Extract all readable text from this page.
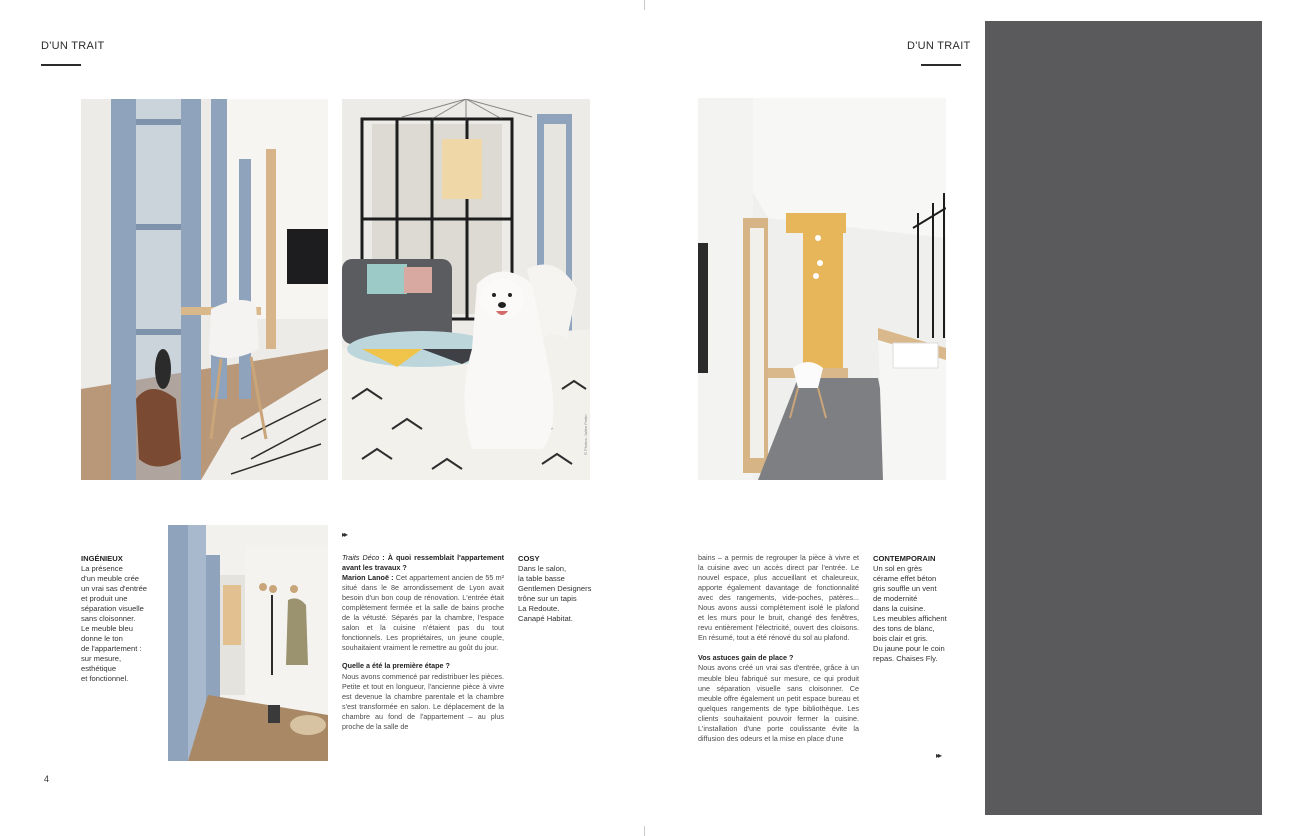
D'UN TRAIT	D'UN TRAIT
© Photos: Julien Fertin
INGÉNIEUX
La présence
d'un meuble crée
un vrai sas d'entrée
et produit une
séparation visuelle
sans cloisonner.
Le meuble bleu
donne le ton
de l'appartement :
sur mesure,
esthétique
et fonctionnel.
▸▸

Traits Déco : À quoi ressemblait l'appartement avant les travaux ?

Marion Lanoë : Cet appartement ancien de 55 m² situé dans le 8e arrondissement de Lyon avait besoin d'un bon coup de rénovation. L'entrée était complètement fermée et la salle de bains proche de la vétusté. Séparés par la chambre, l'espace salon et la cuisine n'étaient pas du tout fonctionnels. Les propriétaires, un jeune couple, souhaitaient vraiment le remettre au goût du jour.

Quelle a été la première étape ?

Nous avons commencé par redistribuer les pièces. Petite et tout en longueur, l'ancienne pièce à vivre est devenue la chambre parentale et la chambre s'est transformée en salon. Le déplacement de la chambre au fond de l'appartement – au plus proche de la salle de

COSY
Dans le salon,
la table basse
Gentlemen Designers
trône sur un tapis
La Redoute.
Canapé Habitat.

bains – a permis de regrouper la pièce à vivre et la cuisine avec un accès direct par l'entrée. Le nouvel espace, plus accueillant et chaleureux, apporte également davantage de fonctionnalité avec des rangements, vide-poches, patères... Nous avons aussi complètement isolé le plafond et les murs pour le bruit, changé des fenêtres, revu entièrement l'électricité, ouvert des cloisons. En résumé, tout a été rénové du sol au plafond.

Vos astuces gain de place ?

Nous avons créé un vrai sas d'entrée, grâce à un meuble bleu fabriqué sur mesure, ce qui produit une séparation visuelle sans cloisonner. Ce meuble offre également un petit espace bureau et quelques rangements de type bibliothèque. Les clients souhaitaient pouvoir fermer la cuisine. L'installation d'une porte coulissante évite la diffusion des odeurs et la mise en place d'une

▸▸
CONTEMPORAIN
Un sol en grès
cérame effet béton
gris souffle un vent
de modernité
dans la cuisine.
Les meubles affichent
des tons de blanc,
bois clair et gris.
Du jaune pour le coin
repas. Chaises Fly.
4
